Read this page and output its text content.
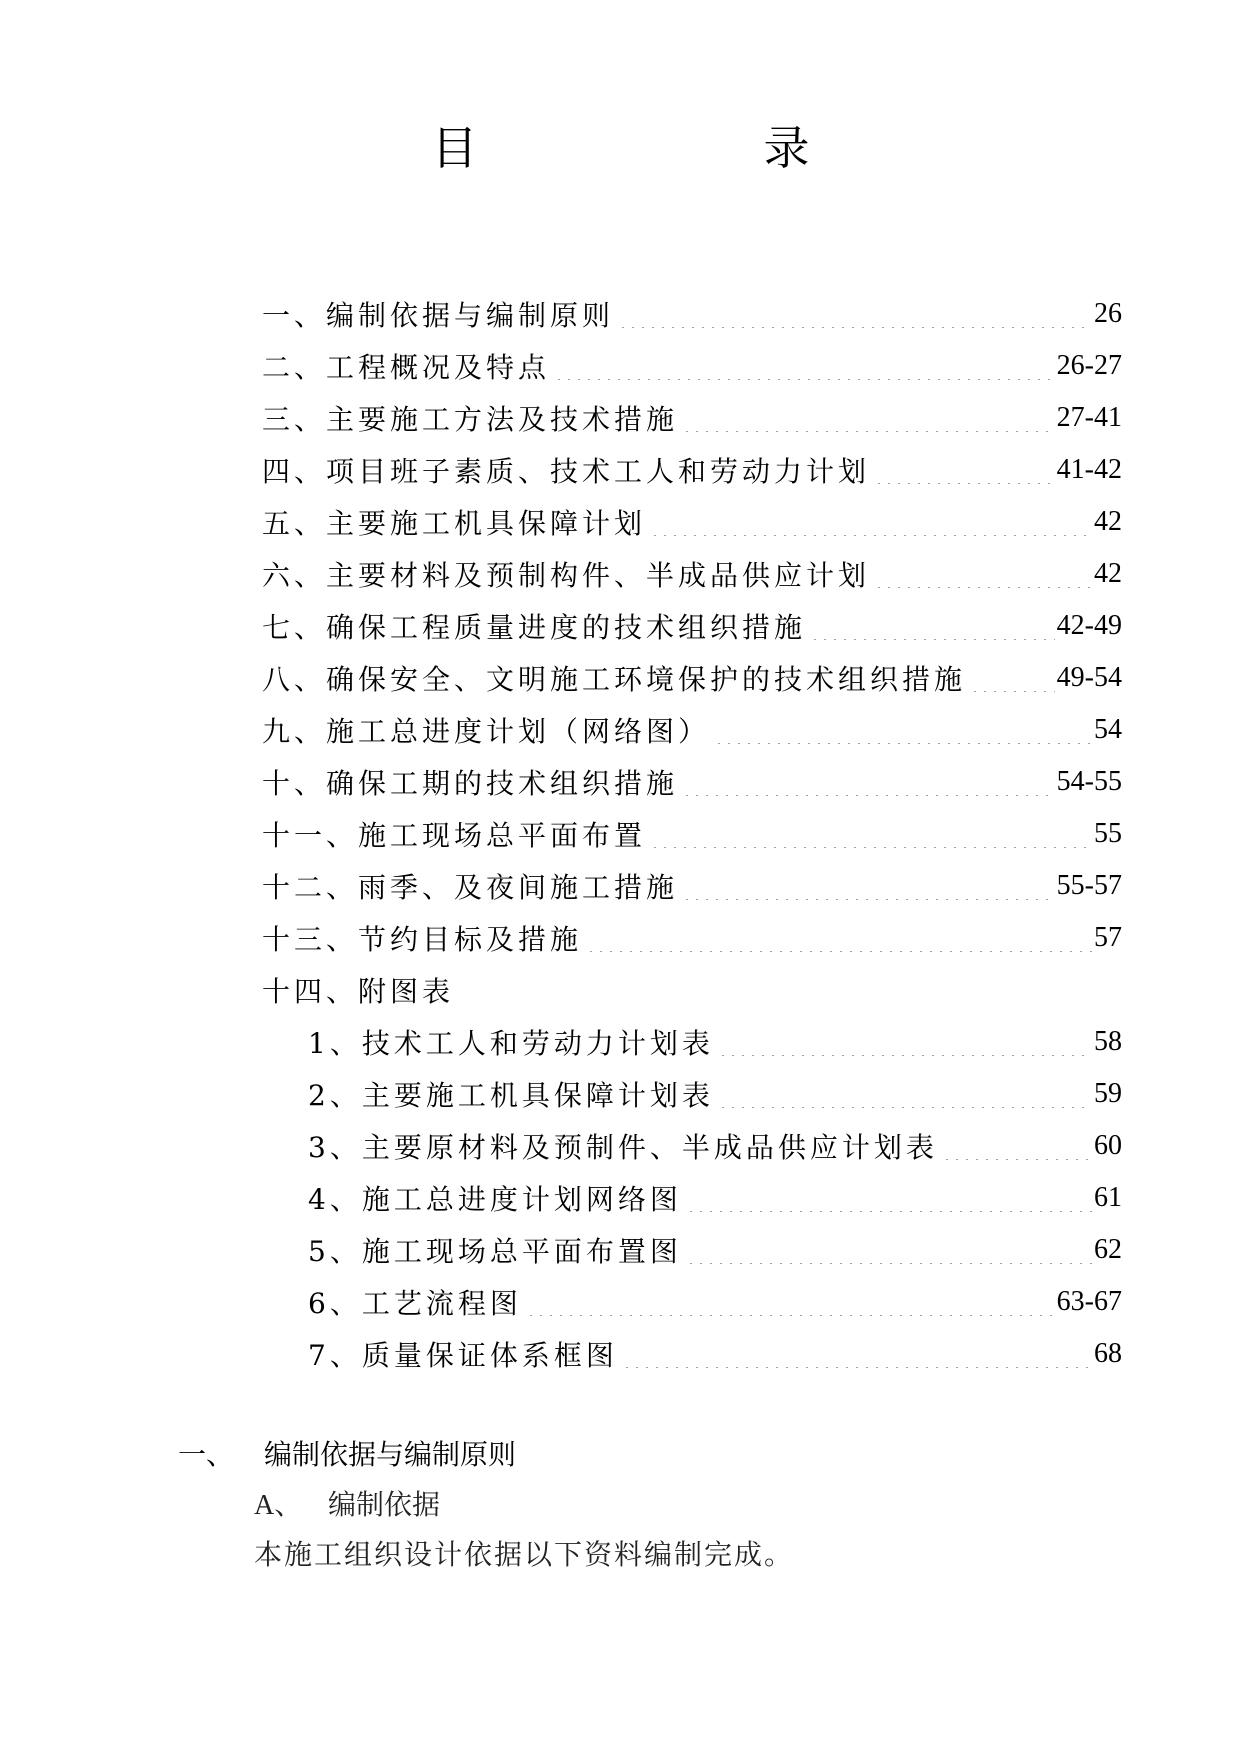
目　录
一、编制依据与编制原则	26
二、工程概况及特点	26-27
三、主要施工方法及技术措施	27-41
四、项目班子素质、技术工人和劳动力计划	41-42
五、主要施工机具保障计划	42
六、主要材料及预制构件、半成品供应计划	42
七、确保工程质量进度的技术组织措施	42-49
八、确保安全、文明施工环境保护的技术组织措施	49-54
九、施工总进度计划（网络图）	54
十、确保工期的技术组织措施	54-55
十一、施工现场总平面布置	55
十二、雨季、及夜间施工措施	55-57
十三、节约目标及措施	57
十四、附图表
1、技术工人和劳动力计划表	58
2、主要施工机具保障计划表	59
3、主要原材料及预制件、半成品供应计划表	60
4、施工总进度计划网络图	61
5、施工现场总平面布置图	62
6、工艺流程图	63-67
7、质量保证体系框图	68
一、 编制依据与编制原则
A、 编制依据
本施工组织设计依据以下资料编制完成。
